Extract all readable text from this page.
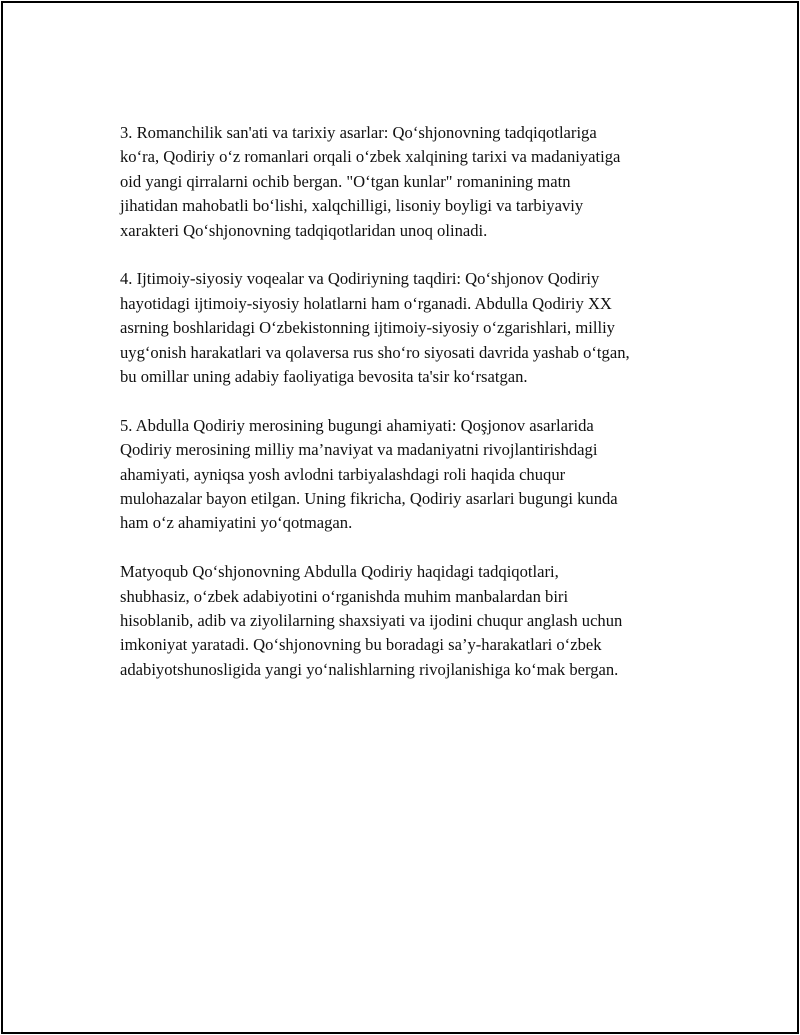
3. Romanchilik san'ati va tarixiy asarlar: Qo‘shjonovning tadqiqotlariga
ko‘ra, Qodiriy o‘z romanlari orqali o‘zbek xalqining tarixi va madaniyatiga
oid yangi qirralarni ochib bergan. "O‘tgan kunlar" romanining matn
jihatidan mahobatli bo‘lishi, xalqchilligi, lisoniy boyligi va tarbiyaviy
xarakteri Qo‘shjonovning tadqiqotlaridan unoq olinadi.

4. Ijtimoiy-siyosiy voqealar va Qodiriyning taqdiri: Qo‘shjonov Qodiriy
hayotidagi ijtimoiy-siyosiy holatlarni ham o‘rganadi. Abdulla Qodiriy XX
asrning boshlaridagi O‘zbekistonning ijtimoiy-siyosiy o‘zgarishlari, milliy
uyg‘onish harakatlari va qolaversa rus sho‘ro siyosati davrida yashab o‘tgan,
bu omillar uning adabiy faoliyatiga bevosita ta'sir ko‘rsatgan.

5. Abdulla Qodiriy merosining bugungi ahamiyati: Qoşjonov asarlarida
Qodiriy merosining milliy ma’naviyat va madaniyatni rivojlantirishdagi
ahamiyati, ayniqsa yosh avlodni tarbiyalashdagi roli haqida chuqur
mulohazalar bayon etilgan. Uning fikricha, Qodiriy asarlari bugungi kunda
ham o‘z ahamiyatini yo‘qotmagan.

Matyoqub Qo‘shjonovning Abdulla Qodiriy haqidagi tadqiqotlari,
shubhasiz, o‘zbek adabiyotini o‘rganishda muhim manbalardan biri
hisoblanib, adib va ziyolilarning shaxsiyati va ijodini chuqur anglash uchun
imkoniyat yaratadi. Qo‘shjonovning bu boradagi sa’y-harakatlari o‘zbek
adabiyotshunosligida yangi yo‘nalishlarning rivojlanishiga ko‘mak bergan.
